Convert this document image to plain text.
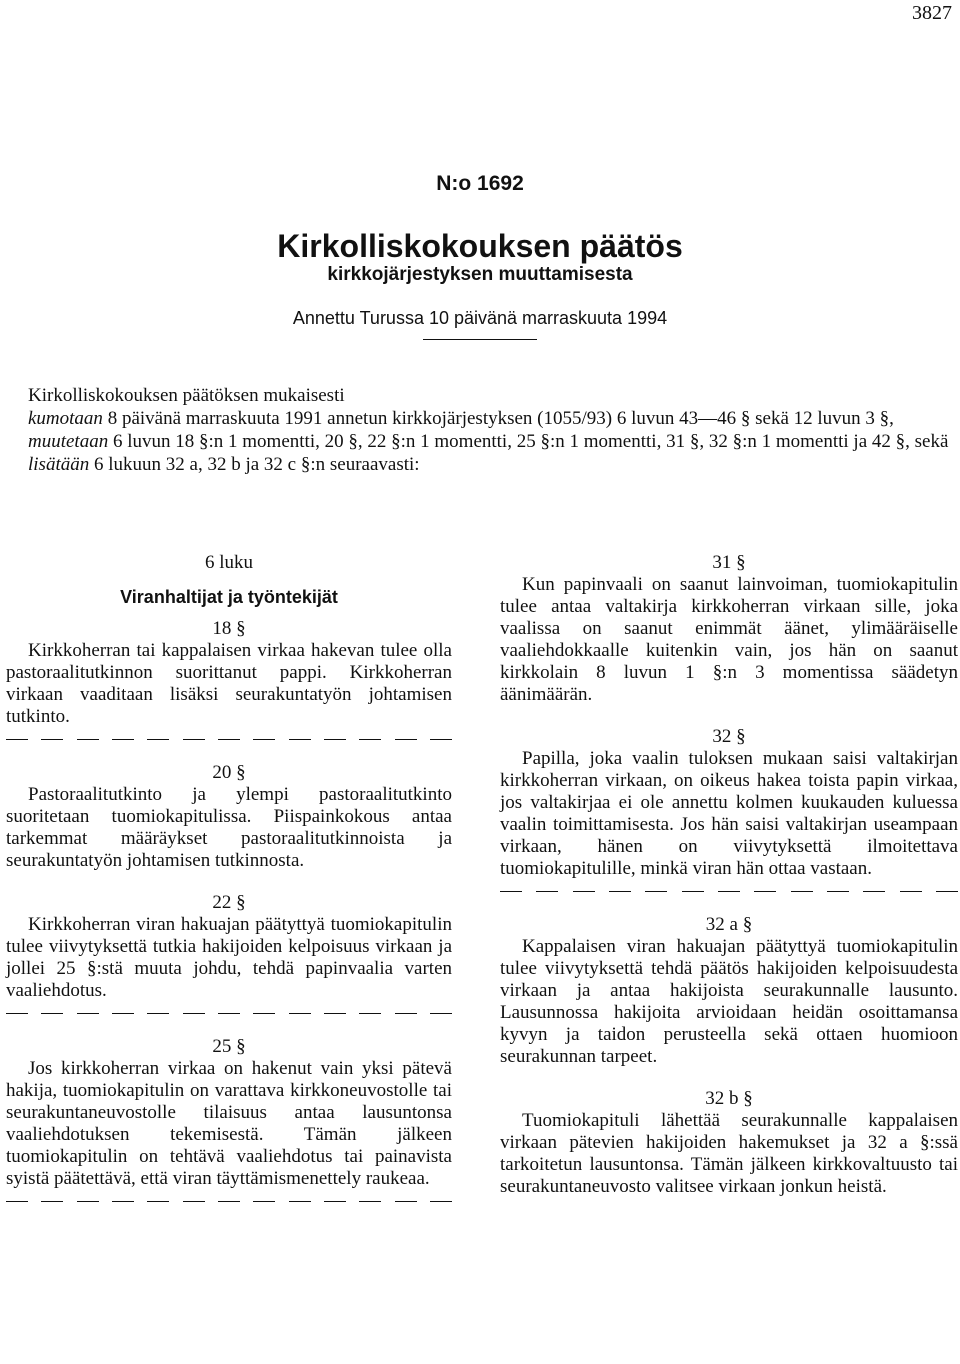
3827
N:o 1692
Kirkolliskokouksen päätös
kirkkojärjestyksen muuttamisesta
Annettu Turussa 10 päivänä marraskuuta 1994

Kirkolliskokouksen päätöksen mukaisesti

kumotaan 8 päivänä marraskuuta 1991 annetun kirkkojärjestyksen (1055/93) 6 luvun 43—46 § sekä 12 luvun 3 §,

muutetaan 6 luvun 18 §:n 1 momentti, 20 §, 22 §:n 1 momentti, 25 §:n 1 momentti, 31 §, 32 §:n 1 momentti ja 42 §, sekä

lisätään 6 lukuun 32 a, 32 b ja 32 c §:n seuraavasti:

6 luku
Viranhaltijat ja työntekijät
18 §

Kirkkoherran tai kappalaisen virkaa hakevan tulee olla pastoraalitutkinnon suorittanut pappi. Kirkkoherran virkaan vaaditaan lisäksi seurakuntatyön johtamisen tutkinto.

20 §

Pastoraalitutkinto ja ylempi pastoraalitutkinto suoritetaan tuomiokapitulissa. Piispainkokous antaa tarkemmat määräykset pastoraalitutkinnoista ja seurakuntatyön johtamisen tutkinnosta.

22 §

Kirkkoherran viran hakuajan päätyttyä tuomiokapitulin tulee viivytyksettä tutkia hakijoiden kelpoisuus virkaan ja jollei 25 §:stä muuta johdu, tehdä papinvaalia varten vaaliehdotus.

25 §

Jos kirkkoherran virkaa on hakenut vain yksi pätevä hakija, tuomiokapitulin on varattava kirkkoneuvostolle tai seurakuntaneuvostolle tilaisuus antaa lausuntonsa vaaliehdotuksen tekemisestä. Tämän jälkeen tuomiokapitulin on tehtävä vaaliehdotus tai painavista syistä päätettävä, että viran täyttämismenettely raukeaa.

31 §

Kun papinvaali on saanut lainvoiman, tuomiokapitulin tulee antaa valtakirja kirkkoherran virkaan sille, joka vaalissa on saanut enimmät äänet, ylimääräiselle vaaliehdokkaalle kuitenkin vain, jos hän on saanut kirkkolain 8 luvun 1 §:n 3 momentissa säädetyn äänimäärän.

32 §

Papilla, joka vaalin tuloksen mukaan saisi valtakirjan kirkkoherran virkaan, on oikeus hakea toista papin virkaa, jos valtakirjaa ei ole annettu kolmen kuukauden kuluessa vaalin toimittamisesta. Jos hän saisi valtakirjan useampaan virkaan, hänen on viivytyksettä ilmoitettava tuomiokapitulille, minkä viran hän ottaa vastaan.

32 a §

Kappalaisen viran hakuajan päätyttyä tuomiokapitulin tulee viivytyksettä tehdä päätös hakijoiden kelpoisuudesta virkaan ja antaa hakijoista seurakunnalle lausunto. Lausunnossa hakijoita arvioidaan heidän osoittamansa kyvyn ja taidon perusteella sekä ottaen huomioon seurakunnan tarpeet.

32 b §

Tuomiokapituli lähettää seurakunnalle kappalaisen virkaan pätevien hakijoiden hakemukset ja 32 a §:ssä tarkoitetun lausuntonsa. Tämän jälkeen kirkkovaltuusto tai seurakuntaneuvosto valitsee virkaan jonkun heistä.
